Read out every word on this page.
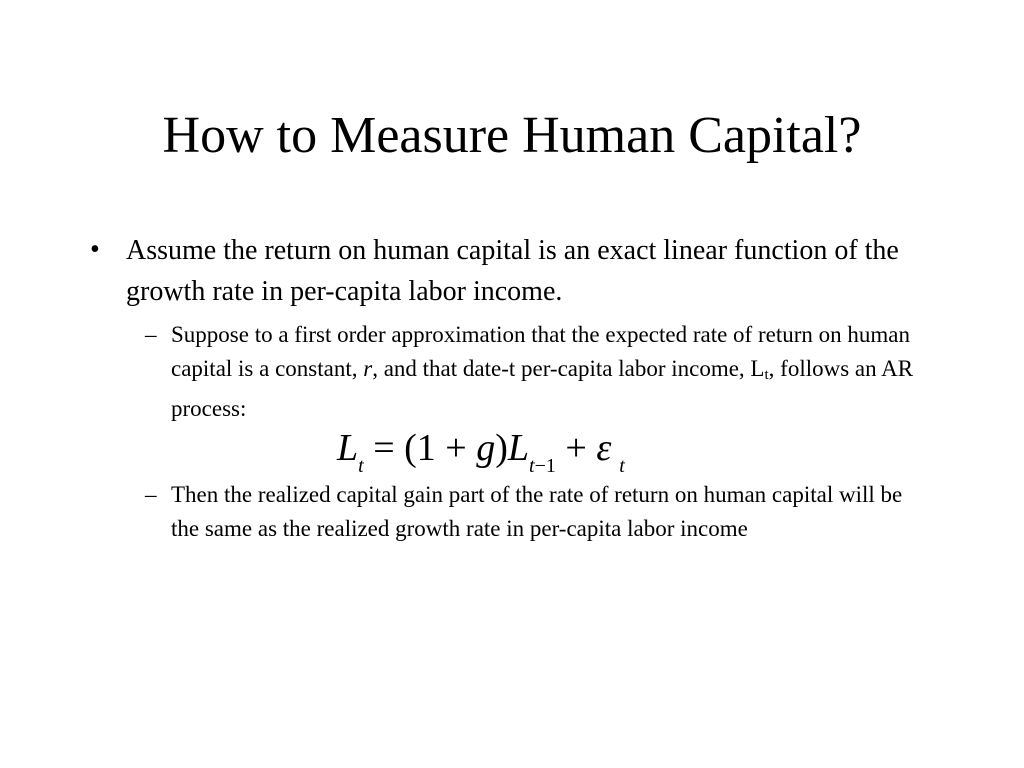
How to Measure Human Capital?
• Assume the return on human capital is an exact linear function of the growth rate in per-capita labor income.
– Suppose to a first order approximation that the expected rate of return on human capital is a constant, r, and that date-t per-capita labor income, $L_t$, follows an AR process:
Lt = (1 + g)Lt−1 + ε t
– Then the realized capital gain part of the rate of return on human capital will be the same as the realized growth rate in per-capita labor income
